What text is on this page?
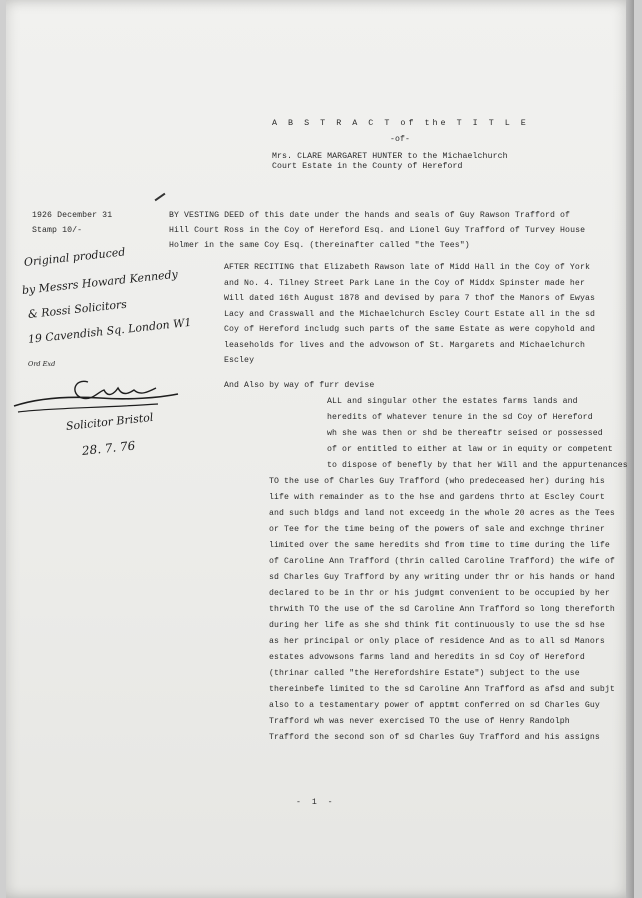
A B S T R A C T of the T I T L E
-of-
Mrs. CLARE MARGARET HUNTER to the Michaelchurch
Court Estate in the County of Hereford
1926 December 31
Stamp 10/-
BY VESTING DEED of this date under the hands and seals of Guy Rawson Trafford of
Hill Court Ross in the Coy of Hereford Esq. and Lionel Guy Trafford of Turvey House
Holmer in the same Coy Esq. (thereinafter called "the Tees")
AFTER RECITING that Elizabeth Rawson late of Midd Hall in the Coy of York
and No. 4. Tilney Street Park Lane in the Coy of Middx Spinster made her
Will dated 16th August 1878 and devised by para 7 thof the Manors of Ewyas
Lacy and Crasswall and the Michaelchurch Escley Court Estate all in the sd
Coy of Hereford includg such parts of the same Estate as were copyhold and
leaseholds for lives and the advowson of St. Margarets and Michaelchurch
Escley
And Also by way of furr devise
ALL and singular other the estates farms lands and
heredits of whatever tenure in the sd Coy of Hereford
wh she was then or shd be thereaftr seised or possessed
of or entitled to either at law or in equity or competent
to dispose of benefly by that her Will and the appurtenances
TO the use of Charles Guy Trafford (who predeceased her) during his
life with remainder as to the hse and gardens thrto at Escley Court
and such bldgs and land not exceedg in the whole 20 acres as the Tees
or Tee for the time being of the powers of sale and exchnge thriner
limited over the same heredits shd from time to time during the life
of Caroline Ann Trafford (thrin called Caroline Trafford) the wife of
sd Charles Guy Trafford by any writing under thr or his hands or hand
declared to be in thr or his judgmt convenient to be occupied by her
thrwith TO the use of the sd Caroline Ann Trafford so long thereforth
during her life as she shd think fit continuously to use the sd hse
as her principal or only place of residence And as to all sd Manors
estates advowsons farms land and heredits in sd Coy of Hereford
(thrinar called "the Herefordshire Estate") subject to the use
thereinbefe limited to the sd Caroline Ann Trafford as afsd and subjt
also to a testamentary power of apptmt conferred on sd Charles Guy
Trafford wh was never exercised TO the use of Henry Randolph
Trafford the second son of sd Charles Guy Trafford and his assigns
- 1 -
Original produced
by Messrs Howard Kennedy
& Rossi Solicitors
19 Cavendish Sq. London W1
Ord Exd
Solicitor Bristol
28. 7. 76
